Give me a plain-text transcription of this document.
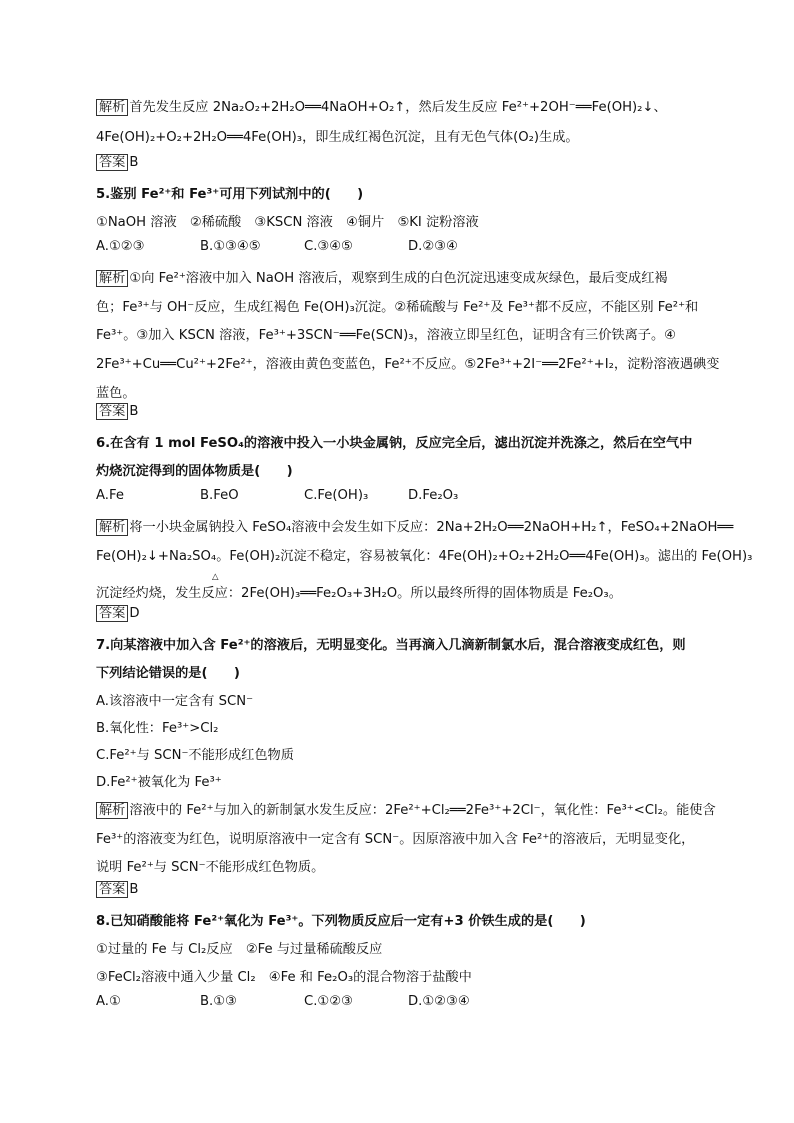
解析 首先发生反应 2Na₂O₂+2H₂O══4NaOH+O₂↑，然后发生反应 Fe²⁺+2OH⁻══Fe(OH)₂↓、
4Fe(OH)₂+O₂+2H₂O══4Fe(OH)₃，即生成红褐色沉淀，且有无色气体(O₂)生成。
答案 B
5.鉴别 Fe²⁺和 Fe³⁺可用下列试剂中的(　　)
①NaOH 溶液　②稀硫酸　③KSCN 溶液　④铜片　⑤KI 淀粉溶液
A.①②③	B.①③④⑤	C.③④⑤	D.②③④
解析 ①向 Fe²⁺溶液中加入 NaOH 溶液后，观察到生成的白色沉淀迅速变成灰绿色，最后变成红褐
色；Fe³⁺与 OH⁻反应，生成红褐色 Fe(OH)₃沉淀。②稀硫酸与 Fe²⁺及 Fe³⁺都不反应，不能区别 Fe²⁺和
Fe³⁺。③加入 KSCN 溶液，Fe³⁺+3SCN⁻══Fe(SCN)₃，溶液立即呈红色，证明含有三价铁离子。④
2Fe³⁺+Cu══Cu²⁺+2Fe²⁺，溶液由黄色变蓝色，Fe²⁺不反应。⑤2Fe³⁺+2I⁻══2Fe²⁺+I₂，淀粉溶液遇碘变
蓝色。
答案 B
6.在含有 1 mol FeSO₄的溶液中投入一小块金属钠，反应完全后，滤出沉淀并洗涤之，然后在空气中
灼烧沉淀得到的固体物质是(　　)
A.Fe	B.FeO	C.Fe(OH)₃	D.Fe₂O₃
解析 将一小块金属钠投入 FeSO₄溶液中会发生如下反应：2Na+2H₂O══2NaOH+H₂↑，FeSO₄+2NaOH══
Fe(OH)₂↓+Na₂SO₄。Fe(OH)₂沉淀不稳定，容易被氧化：4Fe(OH)₂+O₂+2H₂O══4Fe(OH)₃。滤出的 Fe(OH)₃
△
沉淀经灼烧，发生反应：2Fe(OH)₃══Fe₂O₃+3H₂O。所以最终所得的固体物质是 Fe₂O₃。
答案 D
7.向某溶液中加入含 Fe²⁺的溶液后，无明显变化。当再滴入几滴新制氯水后，混合溶液变成红色，则
下列结论错误的是(　　)
A.该溶液中一定含有 SCN⁻
B.氧化性：Fe³⁺>Cl₂
C.Fe²⁺与 SCN⁻不能形成红色物质
D.Fe²⁺被氧化为 Fe³⁺
解析 溶液中的 Fe²⁺与加入的新制氯水发生反应：2Fe²⁺+Cl₂══2Fe³⁺+2Cl⁻，氧化性：Fe³⁺<Cl₂。能使含
Fe³⁺的溶液变为红色，说明原溶液中一定含有 SCN⁻。因原溶液中加入含 Fe²⁺的溶液后，无明显变化，
说明 Fe²⁺与 SCN⁻不能形成红色物质。
答案 B
8.已知硝酸能将 Fe²⁺氧化为 Fe³⁺。下列物质反应后一定有+3 价铁生成的是(　　)
①过量的 Fe 与 Cl₂反应　②Fe 与过量稀硫酸反应
③FeCl₂溶液中通入少量 Cl₂　④Fe 和 Fe₂O₃的混合物溶于盐酸中
A.①	B.①③	C.①②③	D.①②③④
